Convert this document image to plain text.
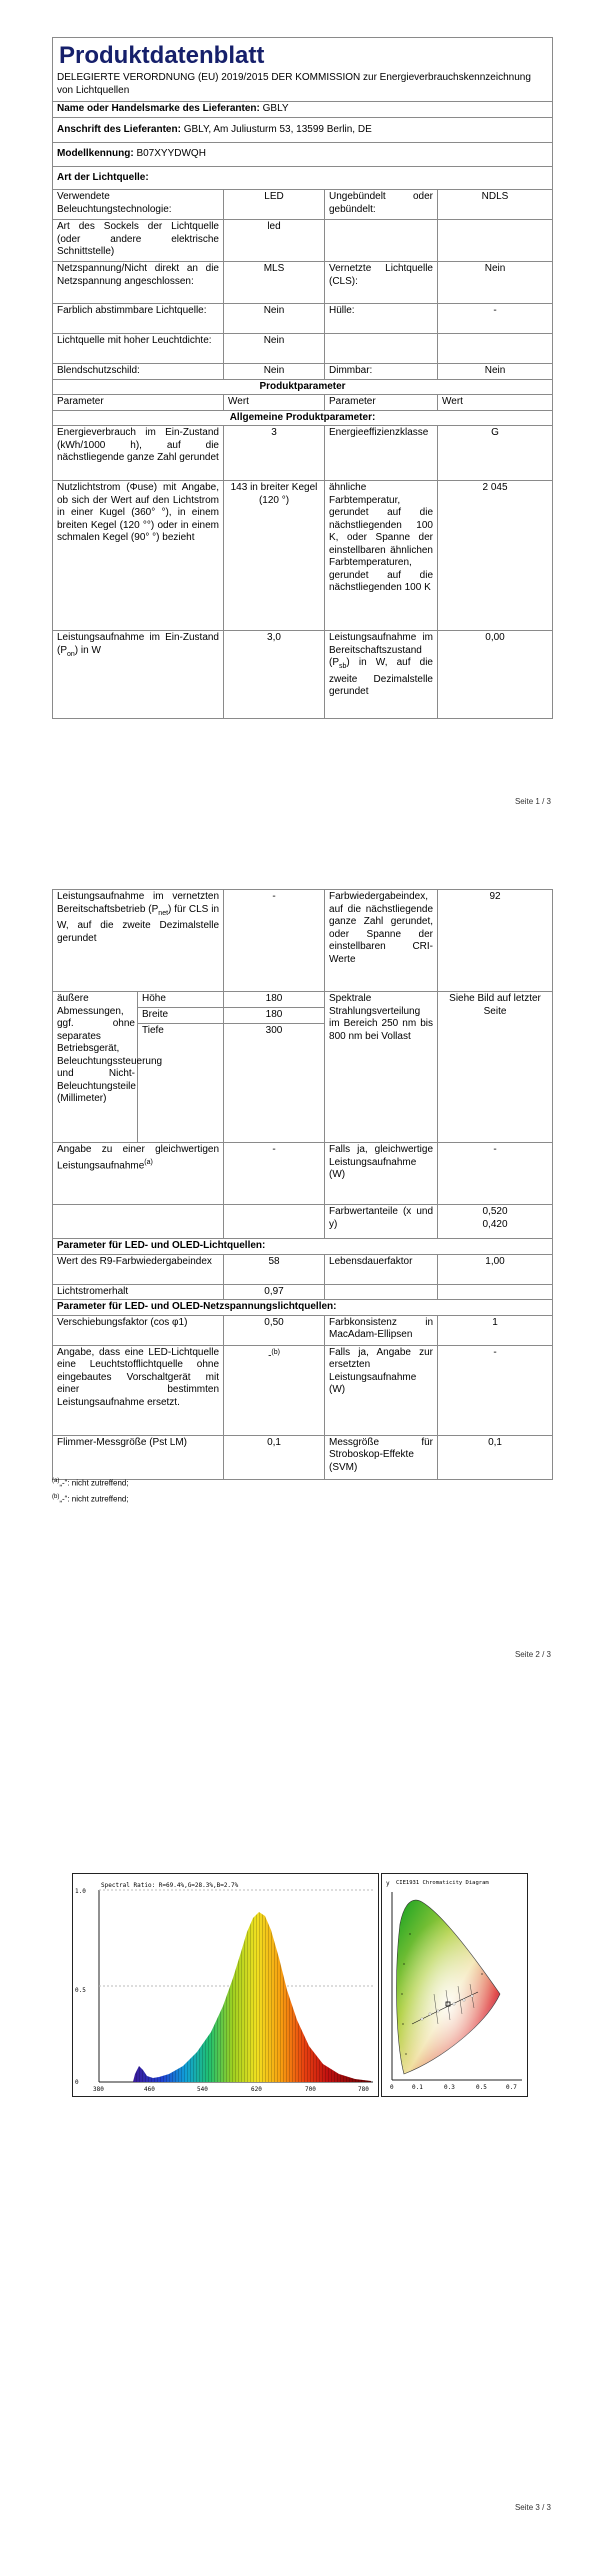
Produktdatenblatt
DELEGIERTE VERORDNUNG (EU) 2019/2015 DER KOMMISSION zur Energieverbrauchskennzeichnung von Lichtquellen			

Name oder Handelsmarke des Lieferanten: GBLY			
Anschrift des Lieferanten: GBLY, Am Juliusturm 53, 13599 Berlin, DE			
Modellkennung: B07XYYDWQH			
Art der Lichtquelle:			
Verwendete Beleuchtungstechnologie:	LED	Ungebündelt oder gebündelt:	NDLS
Art des Sockels der Lichtquelle (oder andere elektrische Schnittstelle)	led		
Netzspannung/Nicht direkt an die Netzspannung angeschlossen:	MLS	Vernetzte Lichtquelle (CLS):	Nein
Farblich abstimmbare Lichtquelle:	Nein	Hülle:	-
Lichtquelle mit hoher Leuchtdichte:	Nein		
Blendschutzschild:	Nein	Dimmbar:	Nein
Produktparameter			
Parameter	Wert	Parameter	Wert
Allgemeine Produktparameter:			
Energieverbrauch im Ein-Zustand (kWh/1000 h), auf die nächstliegende ganze Zahl gerundet	3	Energieeffizienzklasse	G
Nutzlichtstrom (Φuse) mit Angabe, ob sich der Wert auf den Lichtstrom in einer Kugel (360° °), in einem breiten Kegel (120 °°) oder in einem schmalen Kegel (90° °) bezieht	143 in breiter Kegel (120 °)	ähnliche Farbtemperatur, gerundet auf die nächstliegenden 100 K, oder Spanne der einstellbaren ähnlichen Farbtemperaturen, gerundet auf die nächstliegenden 100 K	2 045
Leistungsaufnahme im Ein-Zustand $(P_{on})$ in W	3,0	Leistungsaufnahme im Bereitschaftszustand $(P_{sb})$ in W, auf die zweite Dezimalstelle gerundet	0,00
Seite 1 / 3
Leistungsaufnahme im vernetzten Bereitschaftsbetrieb $(P_{net})$ für CLS in W, auf die zweite Dezimalstelle gerundet		-	Farbwiedergabeindex, auf die nächstliegende ganze Zahl gerundet, oder Spanne der einstellbaren CRI-Werte	92
äußere Abmessungen, ggf. ohne separates Betriebsgerät, Beleuchtungssteuerung und Nicht-Beleuchtungsteile (Millimeter)	Höhe	180	Spektrale Strahlungsverteilung im Bereich 250 nm bis 800 nm bei Vollast	Siehe Bild auf letzter Seite
	Breite	180		
	Tiefe	300		

Angabe zu einer gleichwertigen Leistungsaufnahme$^{(a)}$		-	Falls ja, gleichwertige Leistungsaufnahme (W)	-
			Farbwertanteile (x und y)	0,520
0,420

Parameter für LED- und OLED-Lichtquellen:				
Wert des R9-Farbwiedergabeindex		58	Lebensdauerfaktor	1,00
Lichtstromerhalt		0,97		
Parameter für LED- und OLED-Netzspannungslichtquellen:				
Verschiebungsfaktor (cos φ1)		0,50	Farbkonsistenz in MacAdam-Ellipsen	1
Angabe, dass eine LED-Lichtquelle eine Leuchtstofflichtquelle ohne eingebautes Vorschaltgerät mit einer bestimmten Leistungsaufnahme ersetzt.		-$^{(b)}$	Falls ja, Angabe zur ersetzten Leistungsaufnahme (W)	-
Flimmer-Messgröße (Pst LM)		0,1	Messgröße für Stroboskop-Effekte (SVM)	0,1
$^{(a)}$„-“: nicht zutreffend;
$^{(b)}$„-“: nicht zutreffend;
Seite 2 / 3
Spectral Ratio: R=69.4%,G=28.3%,B=2.7%
1.0
0.5
0
380	460	540	620	700	780
y CIE1931 Chromaticity Diagram
0	0.1	0.3	0.5	0.7
Seite 3 / 3
